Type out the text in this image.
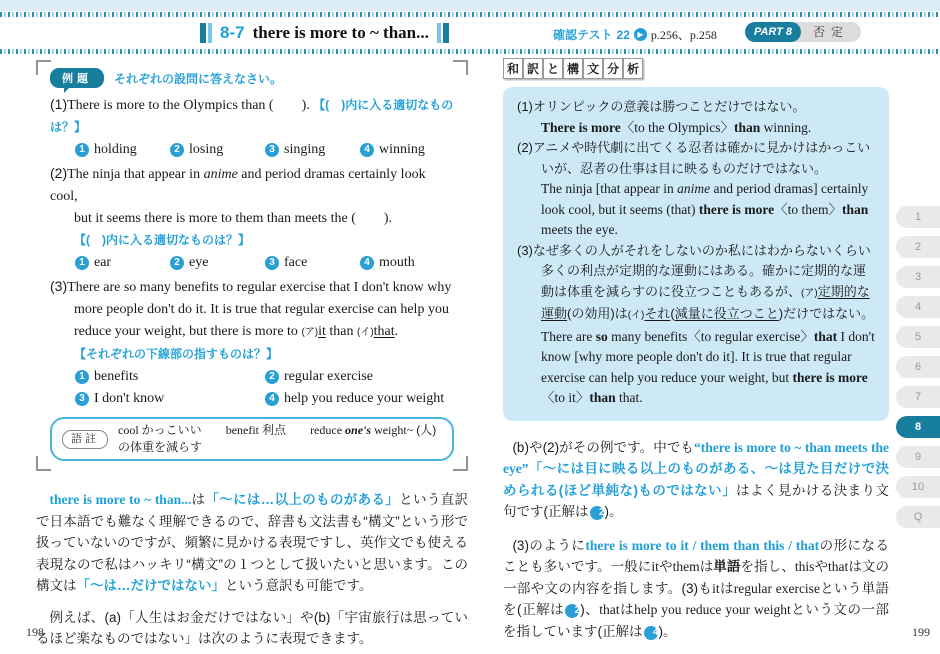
8-7 there is more to ~ than...	確認テスト 22 ▶ p.256、p.258	PART 8	否定
例題	それぞれの設問に答えなさい。
(1)There is more to the Olympics than (　　). 【(　)内に入る適切なものは？】
1 holding	2 losing	3 singing	4 winning
(2)The ninja that appear in anime and period dramas certainly look cool,
but it seems there is more to them than meets the (　　).
【(　)内に入る適切なものは？】
1 ear	2 eye	3 face	4 mouth
(3)There are so many benefits to regular exercise that I don't know why
more people don't do it. It is true that regular exercise can help you
reduce your weight, but there is more to (ア)it than (イ)that.
【それぞれの下線部の指すものは？】
1 benefits	2 regular exercise
3 I don't know	4 help you reduce your weight
語註
cool かっこいい　　 benefit 利点　　 reduce one's weight~ (人)の体重を減らす

there is more to ~ than...は「～には…以上のものがある」という直訳で日本語でも難なく理解できるので、辞書も文法書も“構文”という形で扱っていないのですが、頻繁に見かける表現ですし、英作文でも使える表現なので私はハッキリ“構文”の１つとして扱いたいと思います。この構文は「～は…だけではない」という意訳も可能です。

例えば、(a)「人生はお金だけではない」や(b)「宇宙旅行は思っているほど楽なものではない」は次のように表現できます。

和 訳 と 構 文 分 析
(1)オリンピックの意義は勝つことだけではない。
There is more〈to the Olympics〉than winning.
(2)アニメや時代劇に出てくる忍者は確かに見かけはかっこいいが、忍者の仕事は目に映るものだけではない。
The ninja [that appear in anime and period dramas] certainly look cool, but it seems (that) there is more〈to them〉than meets the eye.
(3)なぜ多くの人がそれをしないのか私にはわからないくらい多くの利点が定期的な運動にはある。確かに定期的な運動は体重を減らすのに役立つこともあるが、(ア)定期的な運動(の効用)は(イ)それ(減量に役立つこと)だけではない。
There are so many benefits〈to regular exercise〉that I don't know [why more people don't do it]. It is true that regular exercise can help you reduce your weight, but there is more〈to it〉than that.

(b)や(2)がその例です。中でも“there is more to ~ than meets the eye”「～には目に映る以上のものがある、～は見た目だけで決められる(ほど単純な)ものではない」はよく見かける決まり文句です(正解は 2)。

(3)のようにthere is more to it / them than this / thatの形になることも多いです。一般にitやthemは単語を指し、thisやthatは文の一部や文の内容を指します。(3)もitはregular exerciseという単語を(正解は 2)、thatはhelp you reduce your weightという文の一部を指しています(正解は 4)。

198	199
1
2
3
4
5
6
7
8
9
10
Q
